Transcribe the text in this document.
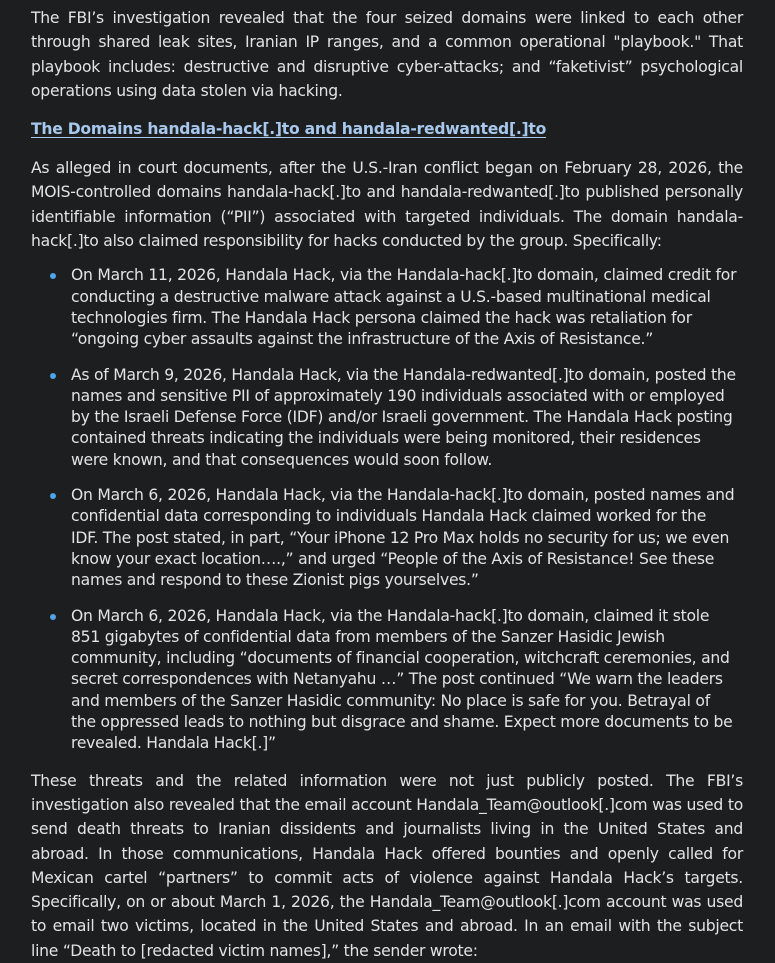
The FBI’s investigation revealed that the four seized domains were linked to each other through shared leak sites, Iranian IP ranges, and a common operational "playbook." That playbook includes: destructive and disruptive cyber-attacks; and “faketivist” psychological operations using data stolen via hacking.

The Domains handala-hack[.]to and handala-redwanted[.]to

As alleged in court documents, after the U.S.-Iran conflict began on February 28, 2026, the MOIS-controlled domains handala-hack[.]to and handala-redwanted[.]to published personally identifiable information (“PII”) associated with targeted individuals. The domain handala-hack[.]to also claimed responsibility for hacks conducted by the group. Specifically:

On March 11, 2026, Handala Hack, via the Handala-hack[.]to domain, claimed credit for conducting a destructive malware attack against a U.S.-based multinational medical technologies firm. The Handala Hack persona claimed the hack was retaliation for “ongoing cyber assaults against the infrastructure of the Axis of Resistance.”
As of March 9, 2026, Handala Hack, via the Handala-redwanted[.]to domain, posted the names and sensitive PII of approximately 190 individuals associated with or employed by the Israeli Defense Force (IDF) and/or Israeli government. The Handala Hack posting contained threats indicating the individuals were being monitored, their residences were known, and that consequences would soon follow.
On March 6, 2026, Handala Hack, via the Handala-hack[.]to domain, posted names and confidential data corresponding to individuals Handala Hack claimed worked for the IDF. The post stated, in part, “Your iPhone 12 Pro Max holds no security for us; we even know your exact location….,” and urged “People of the Axis of Resistance! See these names and respond to these Zionist pigs yourselves.”
On March 6, 2026, Handala Hack, via the Handala-hack[.]to domain, claimed it stole 851 gigabytes of confidential data from members of the Sanzer Hasidic Jewish community, including “documents of financial cooperation, witchcraft ceremonies, and secret correspondences with Netanyahu …” The post continued “We warn the leaders and members of the Sanzer Hasidic community: No place is safe for you. Betrayal of the oppressed leads to nothing but disgrace and shame. Expect more documents to be revealed. Handala Hack[.]”

These threats and the related information were not just publicly posted. The FBI’s investigation also revealed that the email account Handala_Team@outlook[.]com was used to send death threats to Iranian dissidents and journalists living in the United States and abroad. In those communications, Handala Hack offered bounties and openly called for Mexican cartel “partners” to commit acts of violence against Handala Hack’s targets. Specifically, on or about March 1, 2026, the Handala_Team@outlook[.]com account was used to email two victims, located in the United States and abroad. In an email with the subject line “Death to [redacted victim names],” the sender wrote:
